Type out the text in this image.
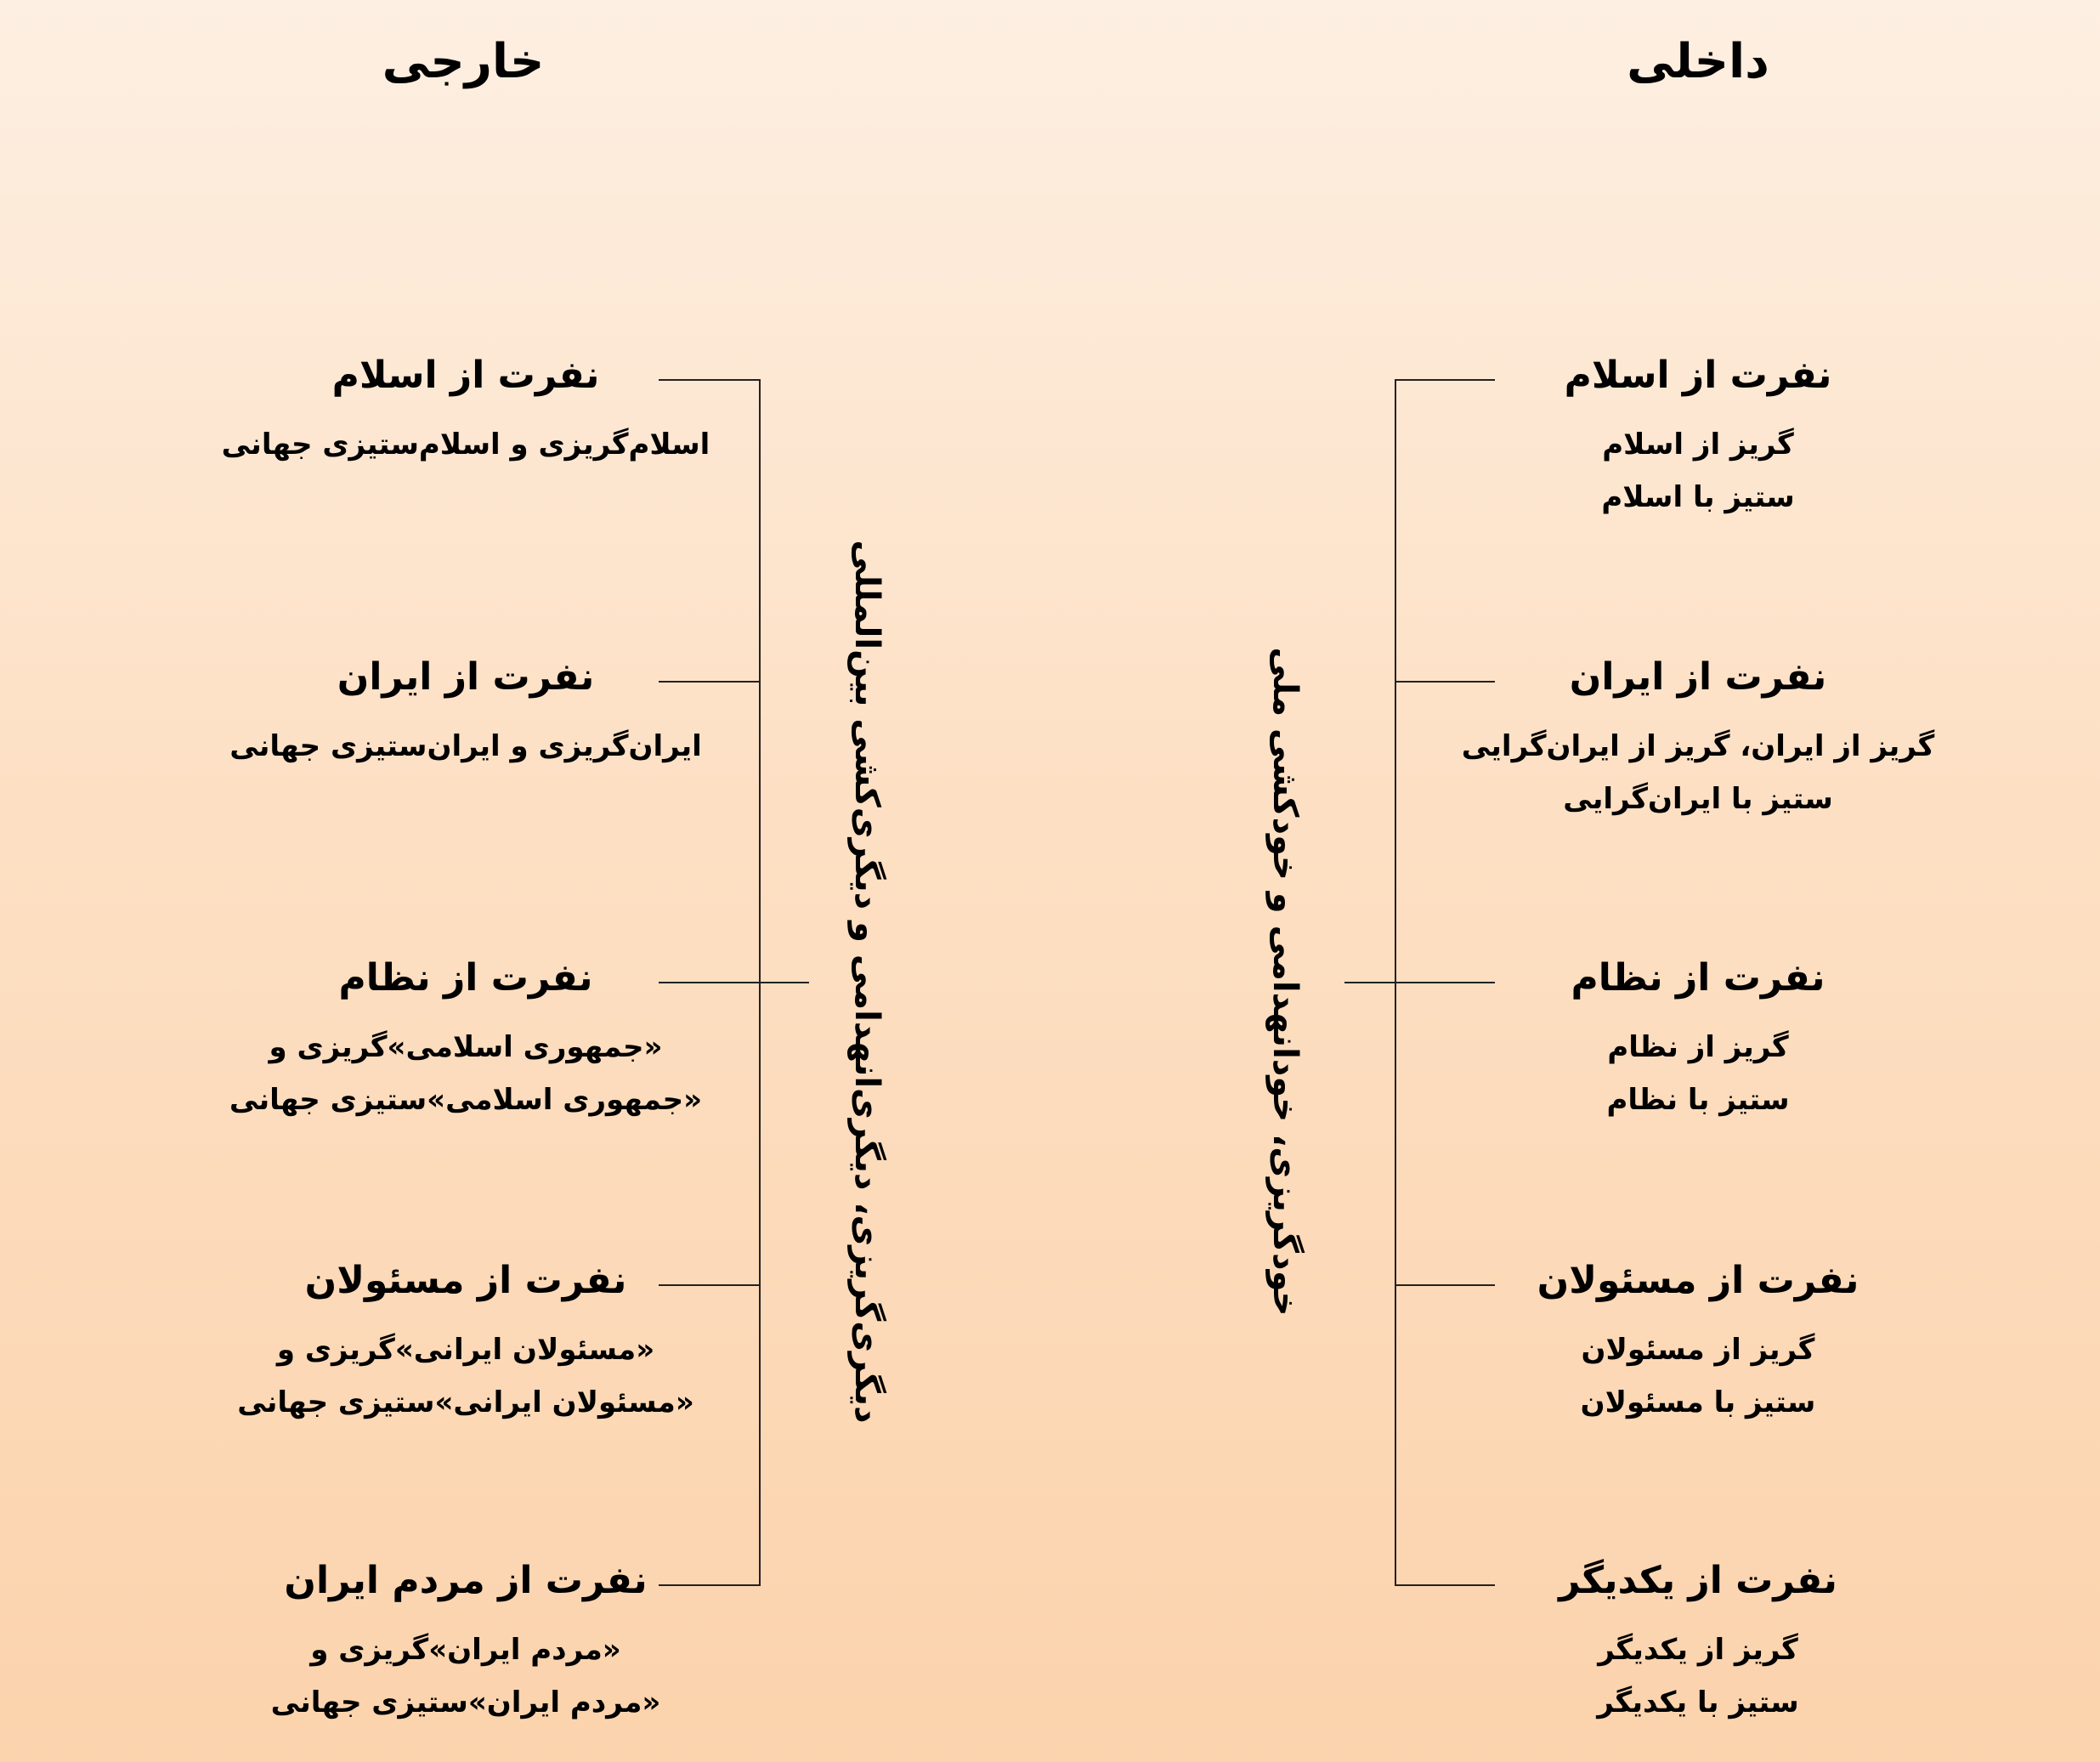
خارجی	داخلی
دیگری‌گریزی، دیگری‌انهدامی و دیگری‌کشی بین‌المللی	خودگریزی، خودانهدامی و خودکشی ملی
نفرت از اسلام
اسلام‌گریزی و اسلام‌ستیزی جهانی
نفرت از ایران
ایران‌گریزی و ایران‌ستیزی جهانی
نفرت از نظام
«جمهوری اسلامی»گریزی و
«جمهوری اسلامی»ستیزی جهانی
نفرت از مسئولان
«مسئولان ایرانی»گریزی و
«مسئولان ایرانی»ستیزی جهانی
نفرت از مردم ایران
«مردم ایران»گریزی و
«مردم ایران»ستیزی جهانی
نفرت از اسلام
گریز از اسلام
ستیز با اسلام
نفرت از ایران
گریز از ایران، گریز از ایران‌گرایی
ستیز با ایران‌گرایی
نفرت از نظام
گریز از نظام
ستیز با نظام
نفرت از مسئولان
گریز از مسئولان
ستیز با مسئولان
نفرت از یکدیگر
گریز از یکدیگر
ستیز با یکدیگر
